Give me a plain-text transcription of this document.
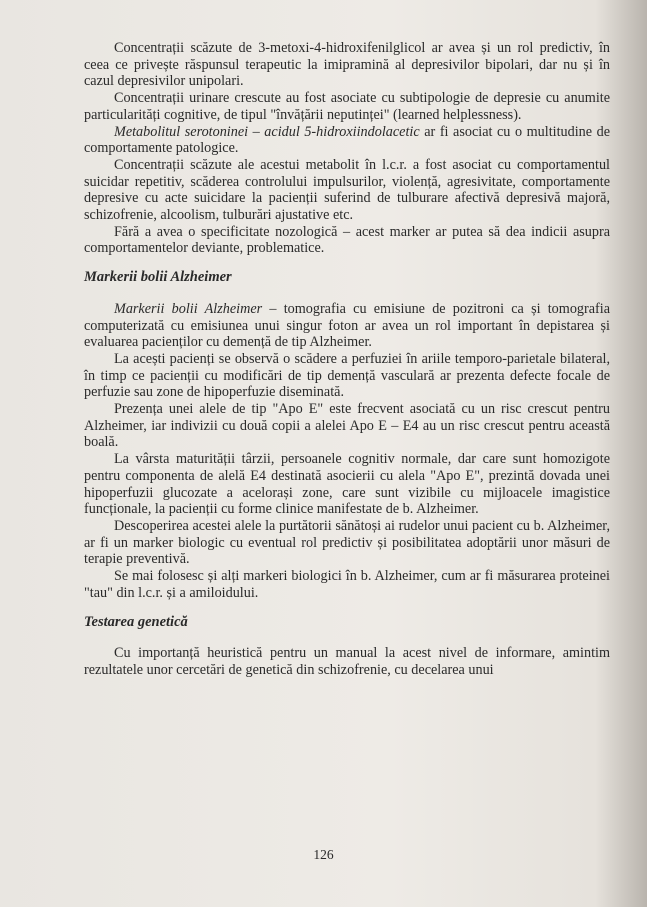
Concentrații scăzute de 3-metoxi-4-hidroxifenilglicol ar avea și un rol predictiv, în ceea ce privește răspunsul terapeutic la imipramină al depresivilor bipolari, dar nu și în cazul depresivilor unipolari.

Concentrații urinare crescute au fost asociate cu subtipologie de depresie cu anumite particularități cognitive, de tipul "învățării neputinței" (learned helplessness).

Metabolitul serotoninei – acidul 5-hidroxiindolacetic ar fi asociat cu o multitudine de comportamente patologice.

Concentrații scăzute ale acestui metabolit în l.c.r. a fost asociat cu comportamentul suicidar repetitiv, scăderea controlului impulsurilor, violență, agresivitate, comportamente depresive cu acte suicidare la pacienții suferind de tulburare afectivă depresivă majoră, schizofrenie, alcoolism, tulburări ajustative etc.

Fără a avea o specificitate nozologică – acest marker ar putea să dea indicii asupra comportamentelor deviante, problematice.

Markerii bolii Alzheimer

Markerii bolii Alzheimer – tomografia cu emisiune de pozitroni ca și tomografia computerizată cu emisiunea unui singur foton ar avea un rol important în depistarea și evaluarea pacienților cu demență de tip Alzheimer.

La acești pacienți se observă o scădere a perfuziei în ariile temporo-parietale bilateral, în timp ce pacienții cu modificări de tip demență vasculară ar prezenta defecte focale de perfuzie sau zone de hipoperfuzie diseminată.

Prezența unei alele de tip "Apo E" este frecvent asociată cu un risc crescut pentru Alzheimer, iar indivizii cu două copii a alelei Apo E – E4 au un risc crescut pentru această boală.

La vârsta maturității târzii, persoanele cognitiv normale, dar care sunt homozigote pentru componenta de alelă E4 destinată asocierii cu alela "Apo E", prezintă dovada unei hipoperfuzii glucozate a acelorași zone, care sunt vizibile cu mijloacele imagistice funcționale, la pacienții cu forme clinice manifestate de b. Alzheimer.

Descoperirea acestei alele la purtătorii sănătoși ai rudelor unui pacient cu b. Alzheimer, ar fi un marker biologic cu eventual rol predictiv și posibilitatea adoptării unor măsuri de terapie preventivă.

Se mai folosesc și alți markeri biologici în b. Alzheimer, cum ar fi măsurarea proteinei "tau" din l.c.r. și a amiloidului.

Testarea genetică

Cu importanță heuristică pentru un manual la acest nivel de informare, amintim rezultatele unor cercetări de genetică din schizofrenie, cu decelarea unui

126
